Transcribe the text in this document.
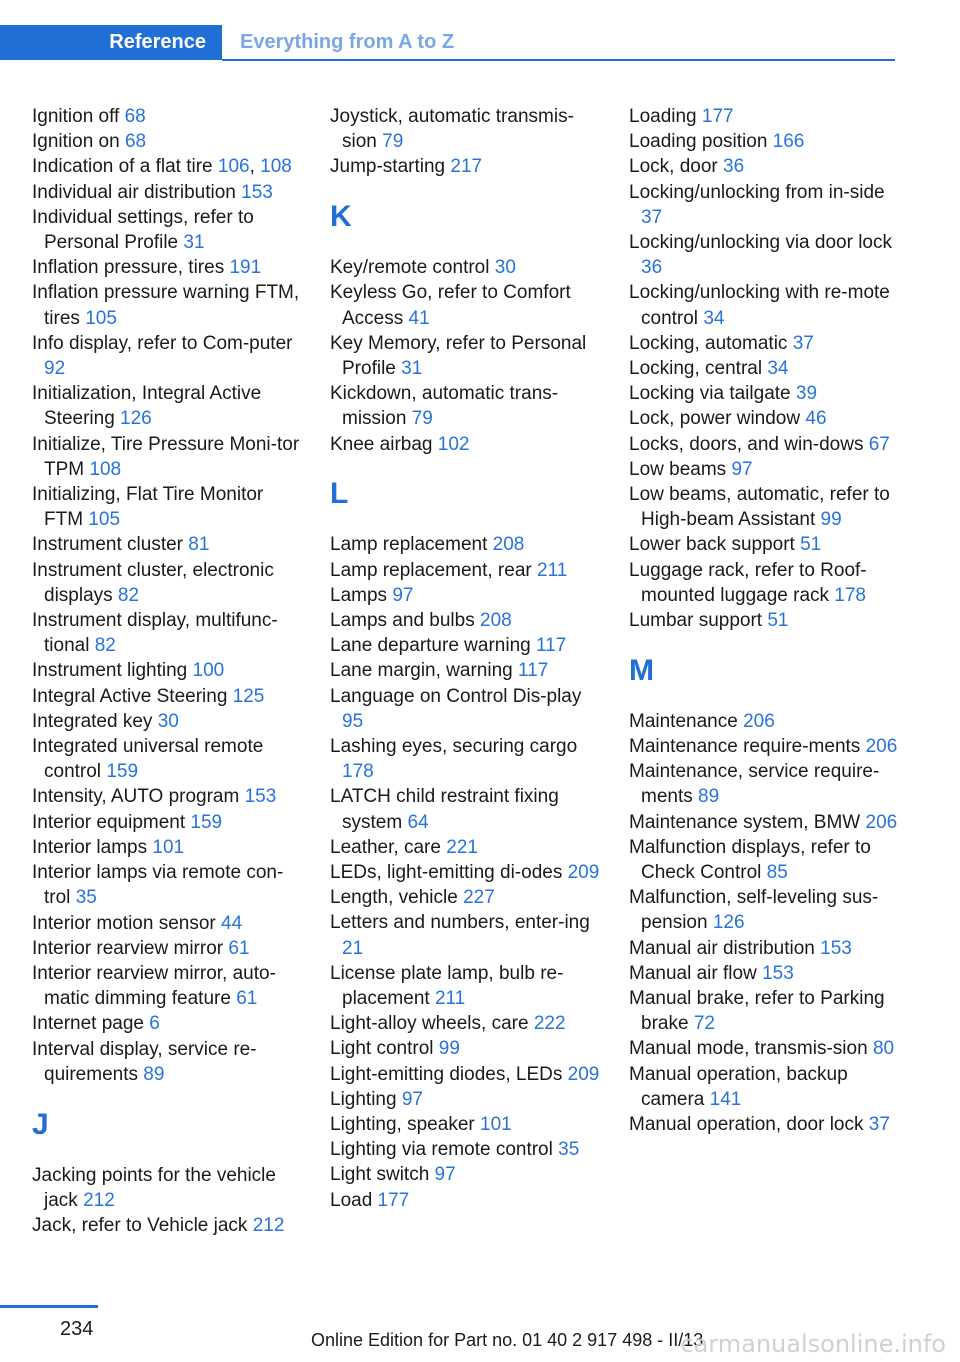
Reference	Everything from A to Z
Ignition off 68
Ignition on 68
Indication of a flat tire 106, 108
Individual air distribution 153
Individual settings, refer to Personal Profile 31
Inflation pressure, tires 191
Inflation pressure warning FTM, tires 105
Info display, refer to Com-puter 92
Initialization, Integral Active Steering 126
Initialize, Tire Pressure Moni-tor TPM 108
Initializing, Flat Tire Monitor FTM 105
Instrument cluster 81
Instrument cluster, electronic displays 82
Instrument display, multifunc-tional 82
Instrument lighting 100
Integral Active Steering 125
Integrated key 30
Integrated universal remote control 159
Intensity, AUTO program 153
Interior equipment 159
Interior lamps 101
Interior lamps via remote con-trol 35
Interior motion sensor 44
Interior rearview mirror 61
Interior rearview mirror, auto-matic dimming feature 61
Internet page 6
Interval display, service re-quirements 89
J
Jacking points for the vehicle jack 212
Jack, refer to Vehicle jack 212
Joystick, automatic transmis-sion 79
Jump-starting 217
K
Key/remote control 30
Keyless Go, refer to Comfort Access 41
Key Memory, refer to Personal Profile 31
Kickdown, automatic trans-mission 79
Knee airbag 102
L
Lamp replacement 208
Lamp replacement, rear 211
Lamps 97
Lamps and bulbs 208
Lane departure warning 117
Lane margin, warning 117
Language on Control Dis-play 95
Lashing eyes, securing cargo 178
LATCH child restraint fixing system 64
Leather, care 221
LEDs, light-emitting di-odes 209
Length, vehicle 227
Letters and numbers, enter-ing 21
License plate lamp, bulb re-placement 211
Light-alloy wheels, care 222
Light control 99
Light-emitting diodes, LEDs 209
Lighting 97
Lighting, speaker 101
Lighting via remote control 35
Light switch 97
Load 177
Loading 177
Loading position 166
Lock, door 36
Locking/unlocking from in-side 37
Locking/unlocking via door lock 36
Locking/unlocking with re-mote control 34
Locking, automatic 37
Locking, central 34
Locking via tailgate 39
Lock, power window 46
Locks, doors, and win-dows 67
Low beams 97
Low beams, automatic, refer to High-beam Assistant 99
Lower back support 51
Luggage rack, refer to Roof-mounted luggage rack 178
Lumbar support 51
M
Maintenance 206
Maintenance require-ments 206
Maintenance, service require-ments 89
Maintenance system, BMW 206
Malfunction displays, refer to Check Control 85
Malfunction, self-leveling sus-pension 126
Manual air distribution 153
Manual air flow 153
Manual brake, refer to Parking brake 72
Manual mode, transmis-sion 80
Manual operation, backup camera 141
Manual operation, door lock 37
234	Online Edition for Part no. 01 40 2 917 498 - II/13
carmanualsonline.info
